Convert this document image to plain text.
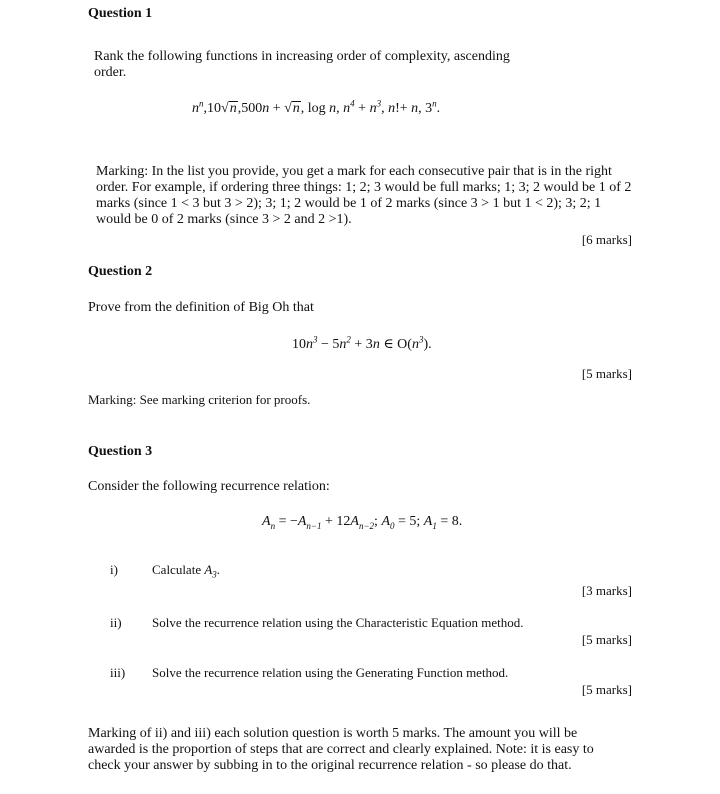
Question 1
Rank the following functions in increasing order of complexity, ascending order.
$n^n,10√n,500n + √n$, log n, $n^4 + n^3$, n!+ n, 3$^n$.
Marking: In the list you provide, you get a mark for each consecutive pair that is in the right order. For example, if ordering three things: 1; 2; 3 would be full marks; 1; 3; 2 would be 1 of 2 marks (since 1 < 3 but 3 > 2); 3; 1; 2 would be 1 of 2 marks (since 3 > 1 but 1 < 2); 3; 2; 1 would be 0 of 2 marks (since 3 > 2 and 2 >1).
[6 marks]
Question 2
Prove from the definition of Big Oh that
$10n^3 - 5n^2 + 3n$ ∈ $O(n^3)$.
[5 marks]
Marking: See marking criterion for proofs.
Question 3
Consider the following recurrence relation:
$A_n = -A_{n-1} + 12A_{n-2}$; $A_0 = 5$; $A_1 = 8$.
i)	Calculate $A_3$.
[3 marks]
ii) Solve the recurrence relation using the Characteristic Equation method.
[5 marks]
iii) Solve the recurrence relation using the Generating Function method.
[5 marks]
Marking of ii) and iii) each solution question is worth 5 marks. The amount you will be awarded is the proportion of steps that are correct and clearly explained. Note: it is easy to check your answer by subbing in to the original recurrence relation - so please do that.
